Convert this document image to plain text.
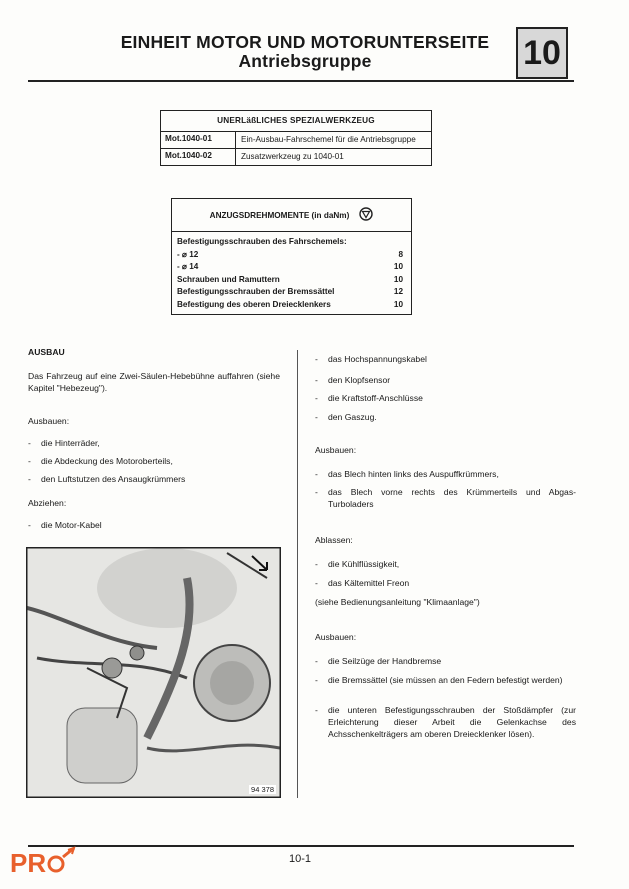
EINHEIT MOTOR UND MOTORUNTERSEITE
Antriebsgruppe	10
UNERLäßLICHES SPEZIALWERKZEUG
Mot.1040-01	Ein-Ausbau-Fahrschemel für die Antriebsgruppe
Mot.1040-02	Zusatzwerkzeug zu 1040-01
ANZUGSDREHMOMENTE (in daNm)
Befestigungsschrauben des Fahrschemels:
- ⌀ 12	8
- ⌀ 14	10
Schrauben und Ramuttern	10
Befestigungsschrauben der Bremssättel	12
Befestigung des oberen Dreiecklenkers	10
AUSBAU
Das Fahrzeug auf eine Zwei-Säulen-Hebebühne auffahren (siehe Kapitel "Hebezeug").
Ausbauen:
- die Hinterräder,
- die Abdeckung des Motoroberteils,
- den Luftstutzen des Ansaugkrümmers
Abziehen:
- die Motor-Kabel
94 378
- das Hochspannungskabel
- den Klopfsensor
- die Kraftstoff-Anschlüsse
- den Gaszug.
Ausbauen:
- das Blech hinten links des Auspuffkrümmers,
- das Blech vorne rechts des Krümmerteils und Abgas- Turboladers
Ablassen:
- die Kühlflüssigkeit,
- das Kältemittel Freon
(siehe Bedienungsanleitung "Klimaanlage")
Ausbauen:
- die Seilzüge der Handbremse
- die Bremssättel (sie müssen an den Federn befestigt werden)
- die unteren Befestigungsschrauben der Stoßdämpfer (zur Erleichterung dieser Arbeit die Gelenkachse des Achsschenkelträgers am oberen Dreiecklenker lösen).
10-1
PR
